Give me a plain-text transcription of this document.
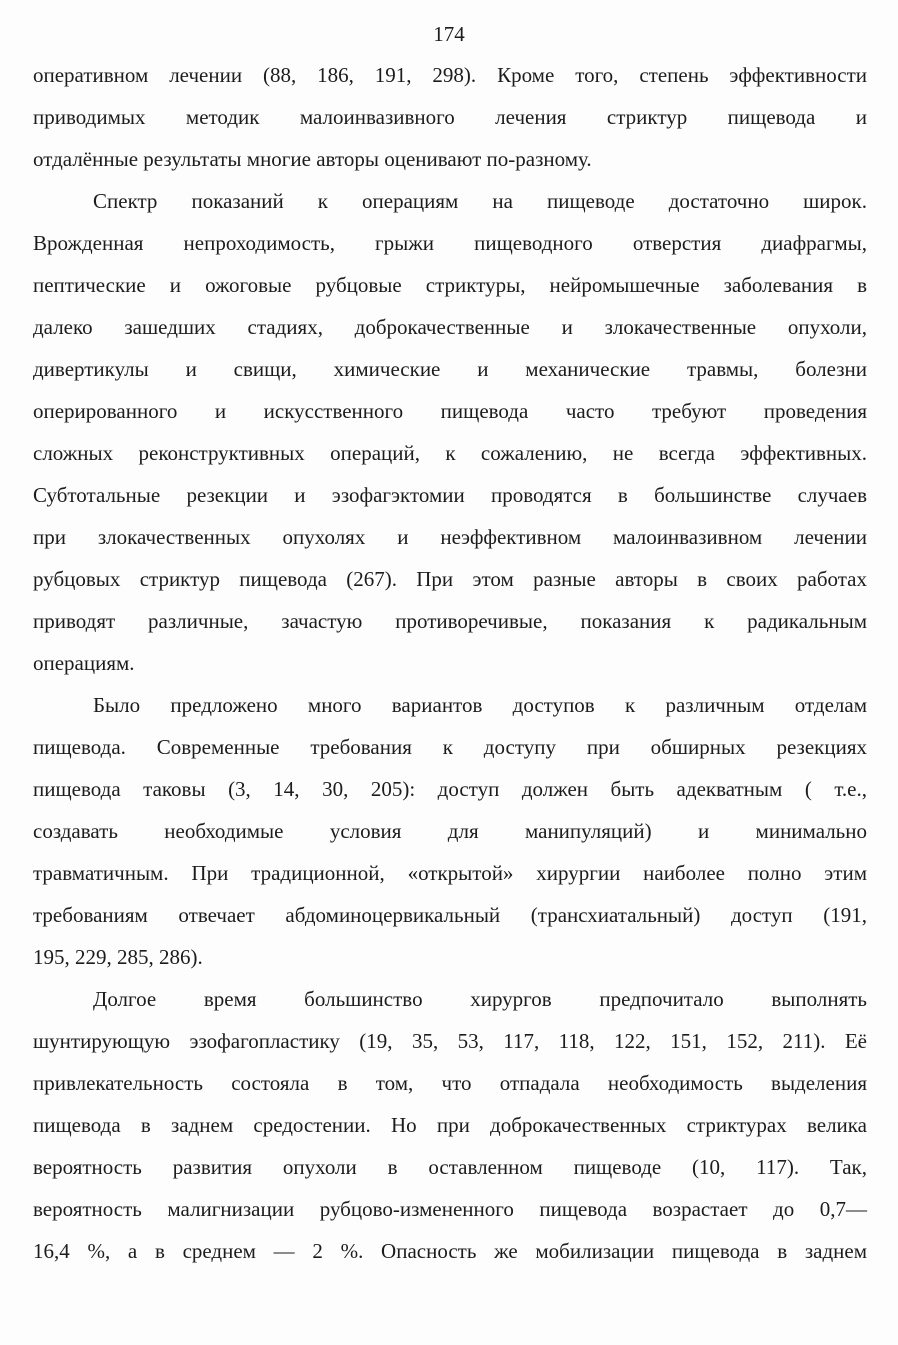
174
оперативном лечении (88, 186, 191, 298). Кроме того, степень эффективности
приводимых методик малоинвазивного лечения стриктур пищевода и
отдалённые результаты многие авторы оценивают по-разному.
Спектр показаний к операциям на пищеводе достаточно широк.
Врожденная непроходимость, грыжи пищеводного отверстия диафрагмы,
пептические и ожоговые рубцовые стриктуры, нейромышечные заболевания в
далеко зашедших стадиях, доброкачественные и злокачественные опухоли,
дивертикулы и свищи, химические и механические травмы, болезни
оперированного и искусственного пищевода часто требуют проведения
сложных реконструктивных операций, к сожалению, не всегда эффективных.
Субтотальные резекции и эзофагэктомии проводятся в большинстве случаев
при злокачественных опухолях и неэффективном малоинвазивном лечении
рубцовых стриктур пищевода (267). При этом разные авторы в своих работах
приводят различные, зачастую противоречивые, показания к радикальным
операциям.
Было предложено много вариантов доступов к различным отделам
пищевода. Современные требования к доступу при обширных резекциях
пищевода таковы (3, 14, 30, 205): доступ должен быть адекватным ( т.е.,
создавать необходимые условия для манипуляций) и минимально
травматичным. При традиционной, «открытой» хирургии наиболее полно этим
требованиям отвечает абдоминоцервикальный (трансхиатальный) доступ (191,
195, 229, 285, 286).
Долгое время большинство хирургов предпочитало выполнять
шунтирующую эзофагопластику (19, 35, 53, 117, 118, 122, 151, 152, 211). Её
привлекательность состояла в том, что отпадала необходимость выделения
пищевода в заднем средостении. Но при доброкачественных стриктурах велика
вероятность развития опухоли в оставленном пищеводе (10, 117). Так,
вероятность малигнизации рубцово-измененного пищевода возрастает до 0,7—
16,4 %, а в среднем — 2 %. Опасность же мобилизации пищевода в заднем
